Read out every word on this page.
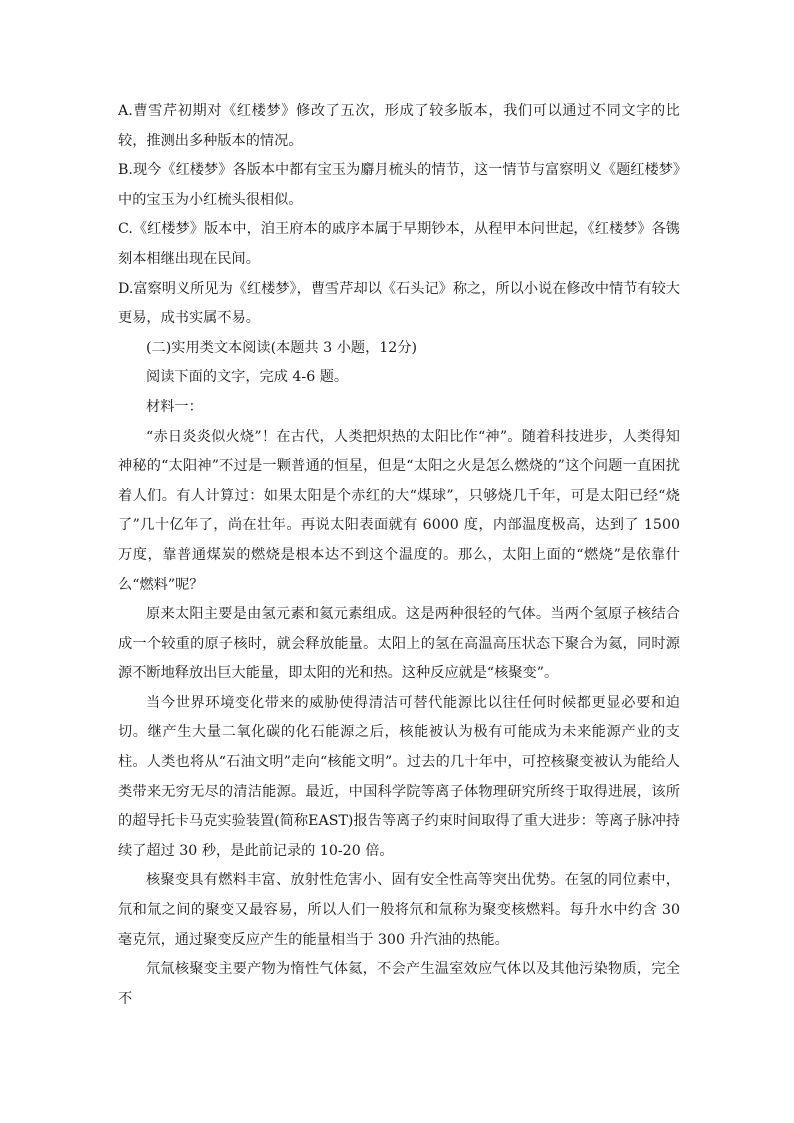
A.曹雪芹初期对《红楼梦》修改了五次，形成了较多版本，我们可以通过不同文字的比较，推测出多种版本的情况。

B.现今《红楼梦》各版本中都有宝玉为麝月梳头的情节，这一情节与富察明义《题红楼梦》中的宝玉为小红梳头很相似。

C.《红楼梦》版本中，洎王府本的戚序本属于早期钞本，从程甲本问世起，《红楼梦》各镌刻本相继出现在民间。

D.富察明义所见为《红楼梦》，曹雪芹却以《石头记》称之，所以小说在修改中情节有较大更易，成书实属不易。

(二)实用类文本阅读(本题共 3 小题，12分)

阅读下面的文字，完成 4-6 题。

材料一：

“赤日炎炎似火烧”！在古代，人类把炽热的太阳比作“神”。随着科技进步，人类得知神秘的“太阳神”不过是一颗普通的恒星，但是“太阳之火是怎么燃烧的”这个问题一直困扰着人们。有人计算过：如果太阳是个赤红的大“煤球”，只够烧几千年，可是太阳已经“烧了”几十亿年了，尚在壮年。再说太阳表面就有 6000 度，内部温度极高，达到了 1500 万度，靠普通煤炭的燃烧是根本达不到这个温度的。那么，太阳上面的“燃烧”是依靠什么“燃料”呢？

原来太阳主要是由氢元素和氦元素组成。这是两种很轻的气体。当两个氢原子核结合成一个较重的原子核时，就会释放能量。太阳上的氢在高温高压状态下聚合为氦，同时源源不断地释放出巨大能量，即太阳的光和热。这种反应就是“核聚变”。

当今世界环境变化带来的威胁使得清洁可替代能源比以往任何时候都更显必要和迫切。继产生大量二氧化碳的化石能源之后，核能被认为极有可能成为未来能源产业的支柱。人类也将从“石油文明”走向“核能文明”。过去的几十年中，可控核聚变被认为能给人类带来无穷无尽的清洁能源。最近，中国科学院等离子体物理研究所终于取得进展，该所的超导托卡马克实验装置(简称EAST)报告等离子约束时间取得了重大进步：等离子脉冲持续了超过 30 秒，是此前记录的 10-20 倍。

核聚变具有燃料丰富、放射性危害小、固有安全性高等突出优势。在氢的同位素中，氘和氚之间的聚变又最容易，所以人们一般将氘和氚称为聚变核燃料。每升水中约含 30 毫克氘，通过聚变反应产生的能量相当于 300 升汽油的热能。

氘氚核聚变主要产物为惰性气体氦，不会产生温室效应气体以及其他污染物质，完全不
